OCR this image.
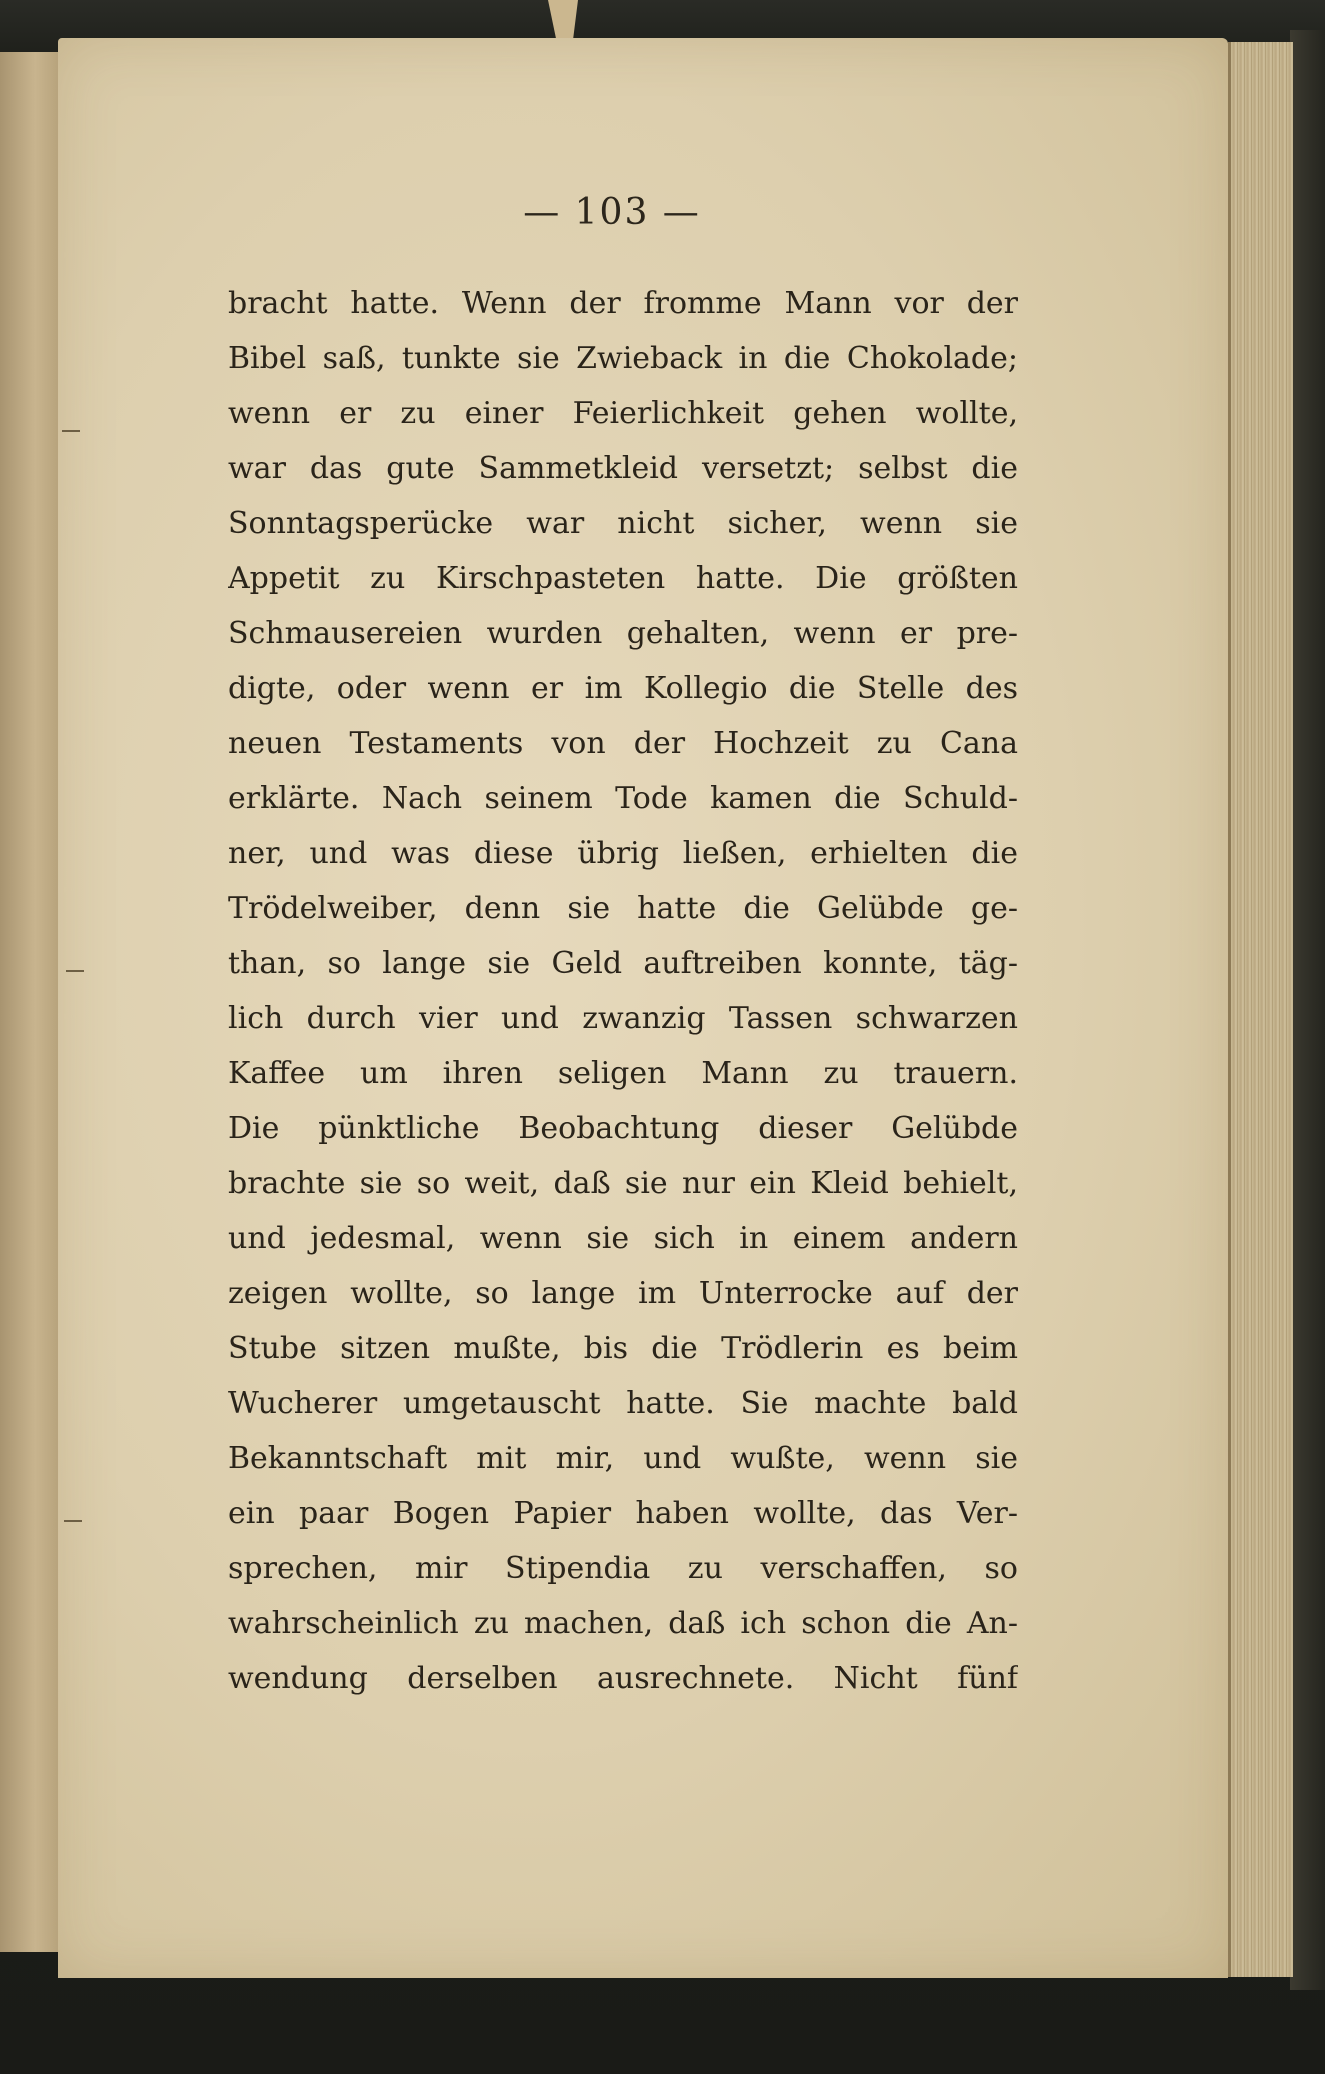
— 103 —
bracht hatte. Wenn der fromme Mann vor der
Bibel saß, tunkte sie Zwieback in die Chokolade;
wenn er zu einer Feierlichkeit gehen wollte,
war das gute Sammetkleid versetzt; selbst die
Sonntagsperücke war nicht sicher, wenn sie
Appetit zu Kirschpasteten hatte. Die größten
Schmausereien wurden gehalten, wenn er pre-
digte, oder wenn er im Kollegio die Stelle des
neuen Testaments von der Hochzeit zu Cana
erklärte. Nach seinem Tode kamen die Schuld-
ner, und was diese übrig ließen, erhielten die
Trödelweiber, denn sie hatte die Gelübde ge-
than, so lange sie Geld auftreiben konnte, täg-
lich durch vier und zwanzig Tassen schwarzen
Kaffee um ihren seligen Mann zu trauern.
Die pünktliche Beobachtung dieser Gelübde
brachte sie so weit, daß sie nur ein Kleid behielt,
und jedesmal, wenn sie sich in einem andern
zeigen wollte, so lange im Unterrocke auf der
Stube sitzen mußte, bis die Trödlerin es beim
Wucherer umgetauscht hatte. Sie machte bald
Bekanntschaft mit mir, und wußte, wenn sie
ein paar Bogen Papier haben wollte, das Ver-
sprechen, mir Stipendia zu verschaffen, so
wahrscheinlich zu machen, daß ich schon die An-
wendung derselben ausrechnete. Nicht fünf
